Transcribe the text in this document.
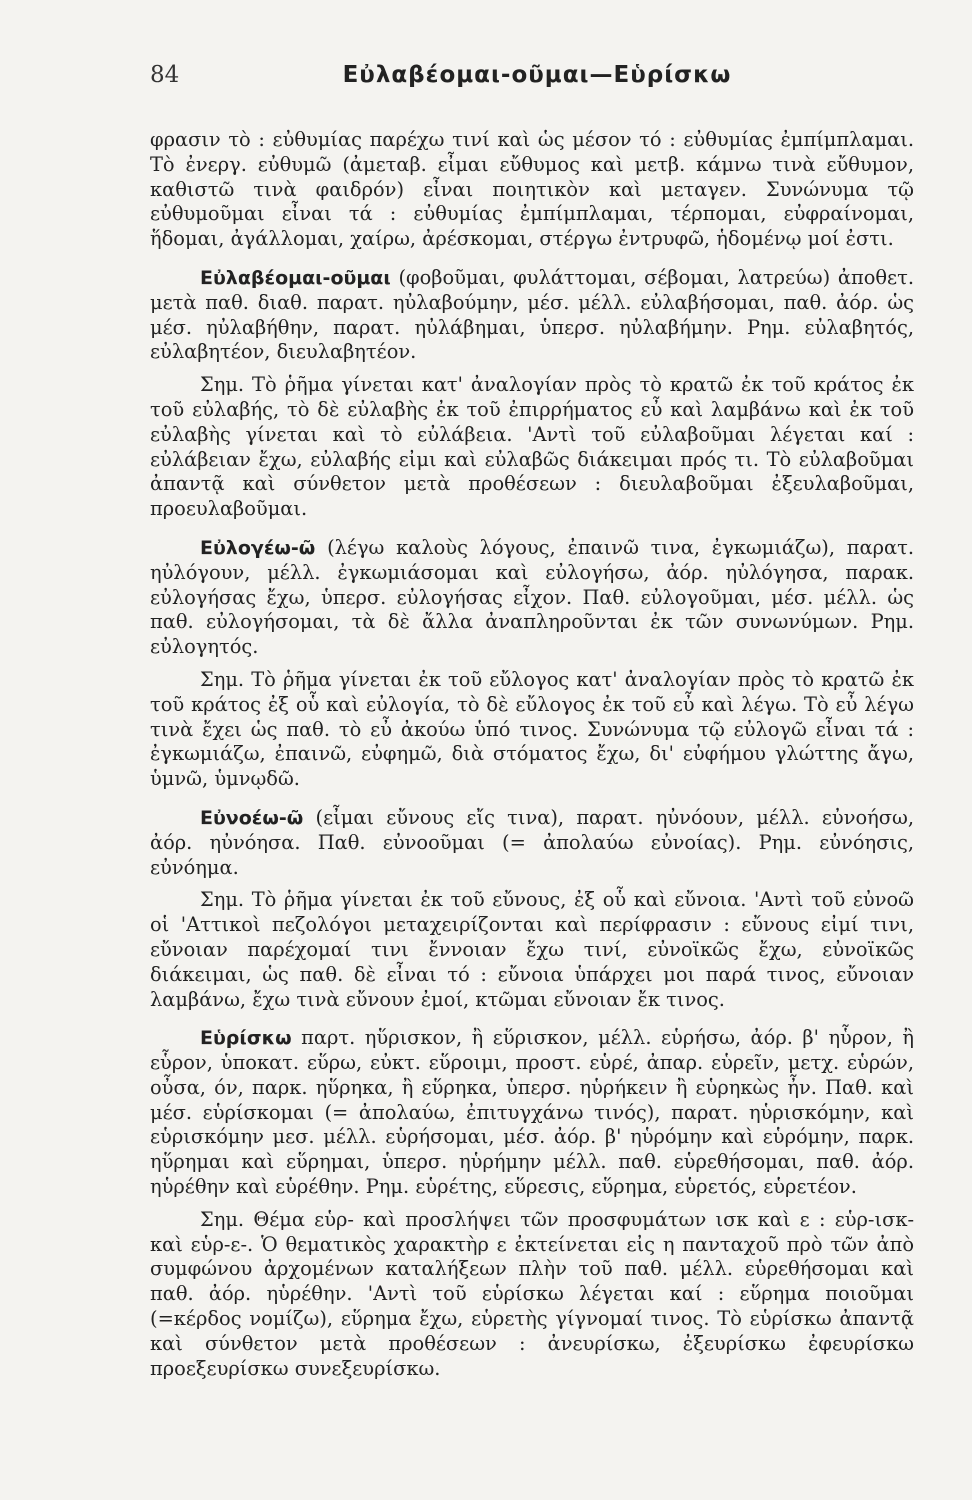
84	Εὐλαβέομαι-οῦμαι—Εὑρίσκω

φρασιν τὸ : εὐθυμίας παρέχω τινί καὶ ὡς μέσον τό : εὐθυμίας ἐμπίμπλαμαι. Τὸ ἐνεργ. εὐθυμῶ (ἀμεταβ. εἶμαι εὔθυμος καὶ μετβ. κάμνω τινὰ εὔθυμον, καθιστῶ τινὰ φαιδρόν) εἶναι ποιητικὸν καὶ μεταγεν. Συνώνυμα τῷ εὐθυμοῦμαι εἶναι τά : εὐθυμίας ἐμπίμπλαμαι, τέρπομαι, εὐφραίνομαι, ἥδομαι, ἀγάλλομαι, χαίρω, ἀρέσκομαι, στέργω ἐντρυφῶ, ἡδομένῳ μοί ἐστι.

Εὐλαβέομαι-οῦμαι (φοβοῦμαι, φυλάττομαι, σέβομαι, λατρεύω) ἀποθετ. μετὰ παθ. διαθ. παρατ. ηὐλαβούμην, μέσ. μέλλ. εὐλαβήσομαι, παθ. ἀόρ. ὡς μέσ. ηὐλαβήθην, παρατ. ηὐλάβημαι, ὑπερσ. ηὐλαβήμην. Ρημ. εὐλαβητός, εὐλαβητέον, διευλαβητέον.

Σημ. Τὸ ῥῆμα γίνεται κατ' ἀναλογίαν πρὸς τὸ κρατῶ ἐκ τοῦ κράτος ἐκ τοῦ εὐλαβής, τὸ δὲ εὐλαβὴς ἐκ τοῦ ἐπιρρήματος εὖ καὶ λαμβάνω καὶ ἐκ τοῦ εὐλαβὴς γίνεται καὶ τὸ εὐλάβεια. 'Αντὶ τοῦ εὐλαβοῦμαι λέγεται καί : εὐλάβειαν ἔχω, εὐλαβής εἰμι καὶ εὐλαβῶς διάκειμαι πρός τι. Τὸ εὐλαβοῦμαι ἀπαντᾷ καὶ σύνθετον μετὰ προθέσεων : διευλαβοῦμαι ἐξευλαβοῦμαι, προευλαβοῦμαι.

Εὐλογέω-ῶ (λέγω καλοὺς λόγους, ἐπαινῶ τινα, ἐγκωμιάζω), παρατ. ηὐλόγουν, μέλλ. ἐγκωμιάσομαι καὶ εὐλογήσω, ἀόρ. ηὐλόγησα, παρακ. εὐλογήσας ἔχω, ὑπερσ. εὐλογήσας εἶχον. Παθ. εὐλογοῦμαι, μέσ. μέλλ. ὡς παθ. εὐλογήσομαι, τὰ δὲ ἄλλα ἀναπληροῦνται ἐκ τῶν συνωνύμων. Ρημ. εὐλογητός.

Σημ. Τὸ ῥῆμα γίνεται ἐκ τοῦ εὔλογος κατ' ἀναλογίαν πρὸς τὸ κρατῶ ἐκ τοῦ κράτος ἐξ οὗ καὶ εὐλογία, τὸ δὲ εὔλογος ἐκ τοῦ εὖ καὶ λέγω. Τὸ εὖ λέγω τινὰ ἔχει ὡς παθ. τὸ εὖ ἀκούω ὑπό τινος. Συνώνυμα τῷ εὐλογῶ εἶναι τά : ἐγκωμιάζω, ἐπαινῶ, εὐφημῶ, διὰ στόματος ἔχω, δι' εὐφήμου γλώττης ἄγω, ὑμνῶ, ὑμνῳδῶ.

Εὐνοέω-ῶ (εἶμαι εὔνους εἴς τινα), παρατ. ηὐνόουν, μέλλ. εὐνοήσω, ἀόρ. ηὐνόησα. Παθ. εὐνοοῦμαι (= ἀπολαύω εὐνοίας). Ρημ. εὐνόησις, εὐνόημα.

Σημ. Τὸ ῥῆμα γίνεται ἐκ τοῦ εὔνους, ἐξ οὗ καὶ εὔνοια. 'Αντὶ τοῦ εὐνοῶ οἱ 'Αττικοὶ πεζολόγοι μεταχειρίζονται καὶ περίφρασιν : εὔνους εἰμί τινι, εὔνοιαν παρέχομαί τινι ἔννοιαν ἔχω τινί, εὐνοϊκῶς ἔχω, εὐνοϊκῶς διάκειμαι, ὡς παθ. δὲ εἶναι τό : εὔνοια ὑπάρχει μοι παρά τινος, εὔνοιαν λαμβάνω, ἔχω τινὰ εὔνουν ἐμοί, κτῶμαι εὔνοιαν ἔκ τινος.

Εὑρίσκω παρτ. ηὕρισκον, ἢ εὕρισκον, μέλλ. εὑρήσω, ἀόρ. β' ηὗρον, ἢ εὗρον, ὑποκατ. εὕρω, εὐκτ. εὕροιμι, προστ. εὑρέ, ἀπαρ. εὑρεῖν, μετχ. εὑρών, οὖσα, όν, παρκ. ηὕρηκα, ἢ εὕρηκα, ὑπερσ. ηὑρήκειν ἢ εὑρηκὼς ἦν. Παθ. καὶ μέσ. εὑρίσκομαι (= ἀπολαύω, ἐπιτυγχάνω τινός), παρατ. ηὑρισκόμην, καὶ εὑρισκόμην μεσ. μέλλ. εὑρήσομαι, μέσ. ἀόρ. β' ηὑρόμην καὶ εὑρόμην, παρκ. ηὕρημαι καὶ εὕρημαι, ὑπερσ. ηὑρήμην μέλλ. παθ. εὑρεθήσομαι, παθ. ἀόρ. ηὑρέθην καὶ εὑρέθην. Ρημ. εὑρέτης, εὕρεσις, εὕρημα, εὑρετός, εὑρετέον.

Σημ. Θέμα εὑρ- καὶ προσλήψει τῶν προσφυμάτων ισκ καὶ ε : εὑρ-ισκ- καὶ εὑρ-ε-. Ὁ θεματικὸς χαρακτὴρ ε ἐκτείνεται εἰς η πανταχοῦ πρὸ τῶν ἀπὸ συμφώνου ἀρχομένων καταλήξεων πλὴν τοῦ παθ. μέλλ. εὑρεθήσομαι καὶ παθ. ἀόρ. ηὑρέθην. 'Αντὶ τοῦ εὑρίσκω λέγεται καί : εὕρημα ποιοῦμαι (=κέρδος νομίζω), εὕρημα ἔχω, εὑρετὴς γίγνομαί τινος. Τὸ εὑρίσκω ἀπαντᾷ καὶ σύνθετον μετὰ προθέσεων : ἀνευρίσκω, ἐξευρίσκω ἐφευρίσκω προεξευρίσκω συνεξευρίσκω.
